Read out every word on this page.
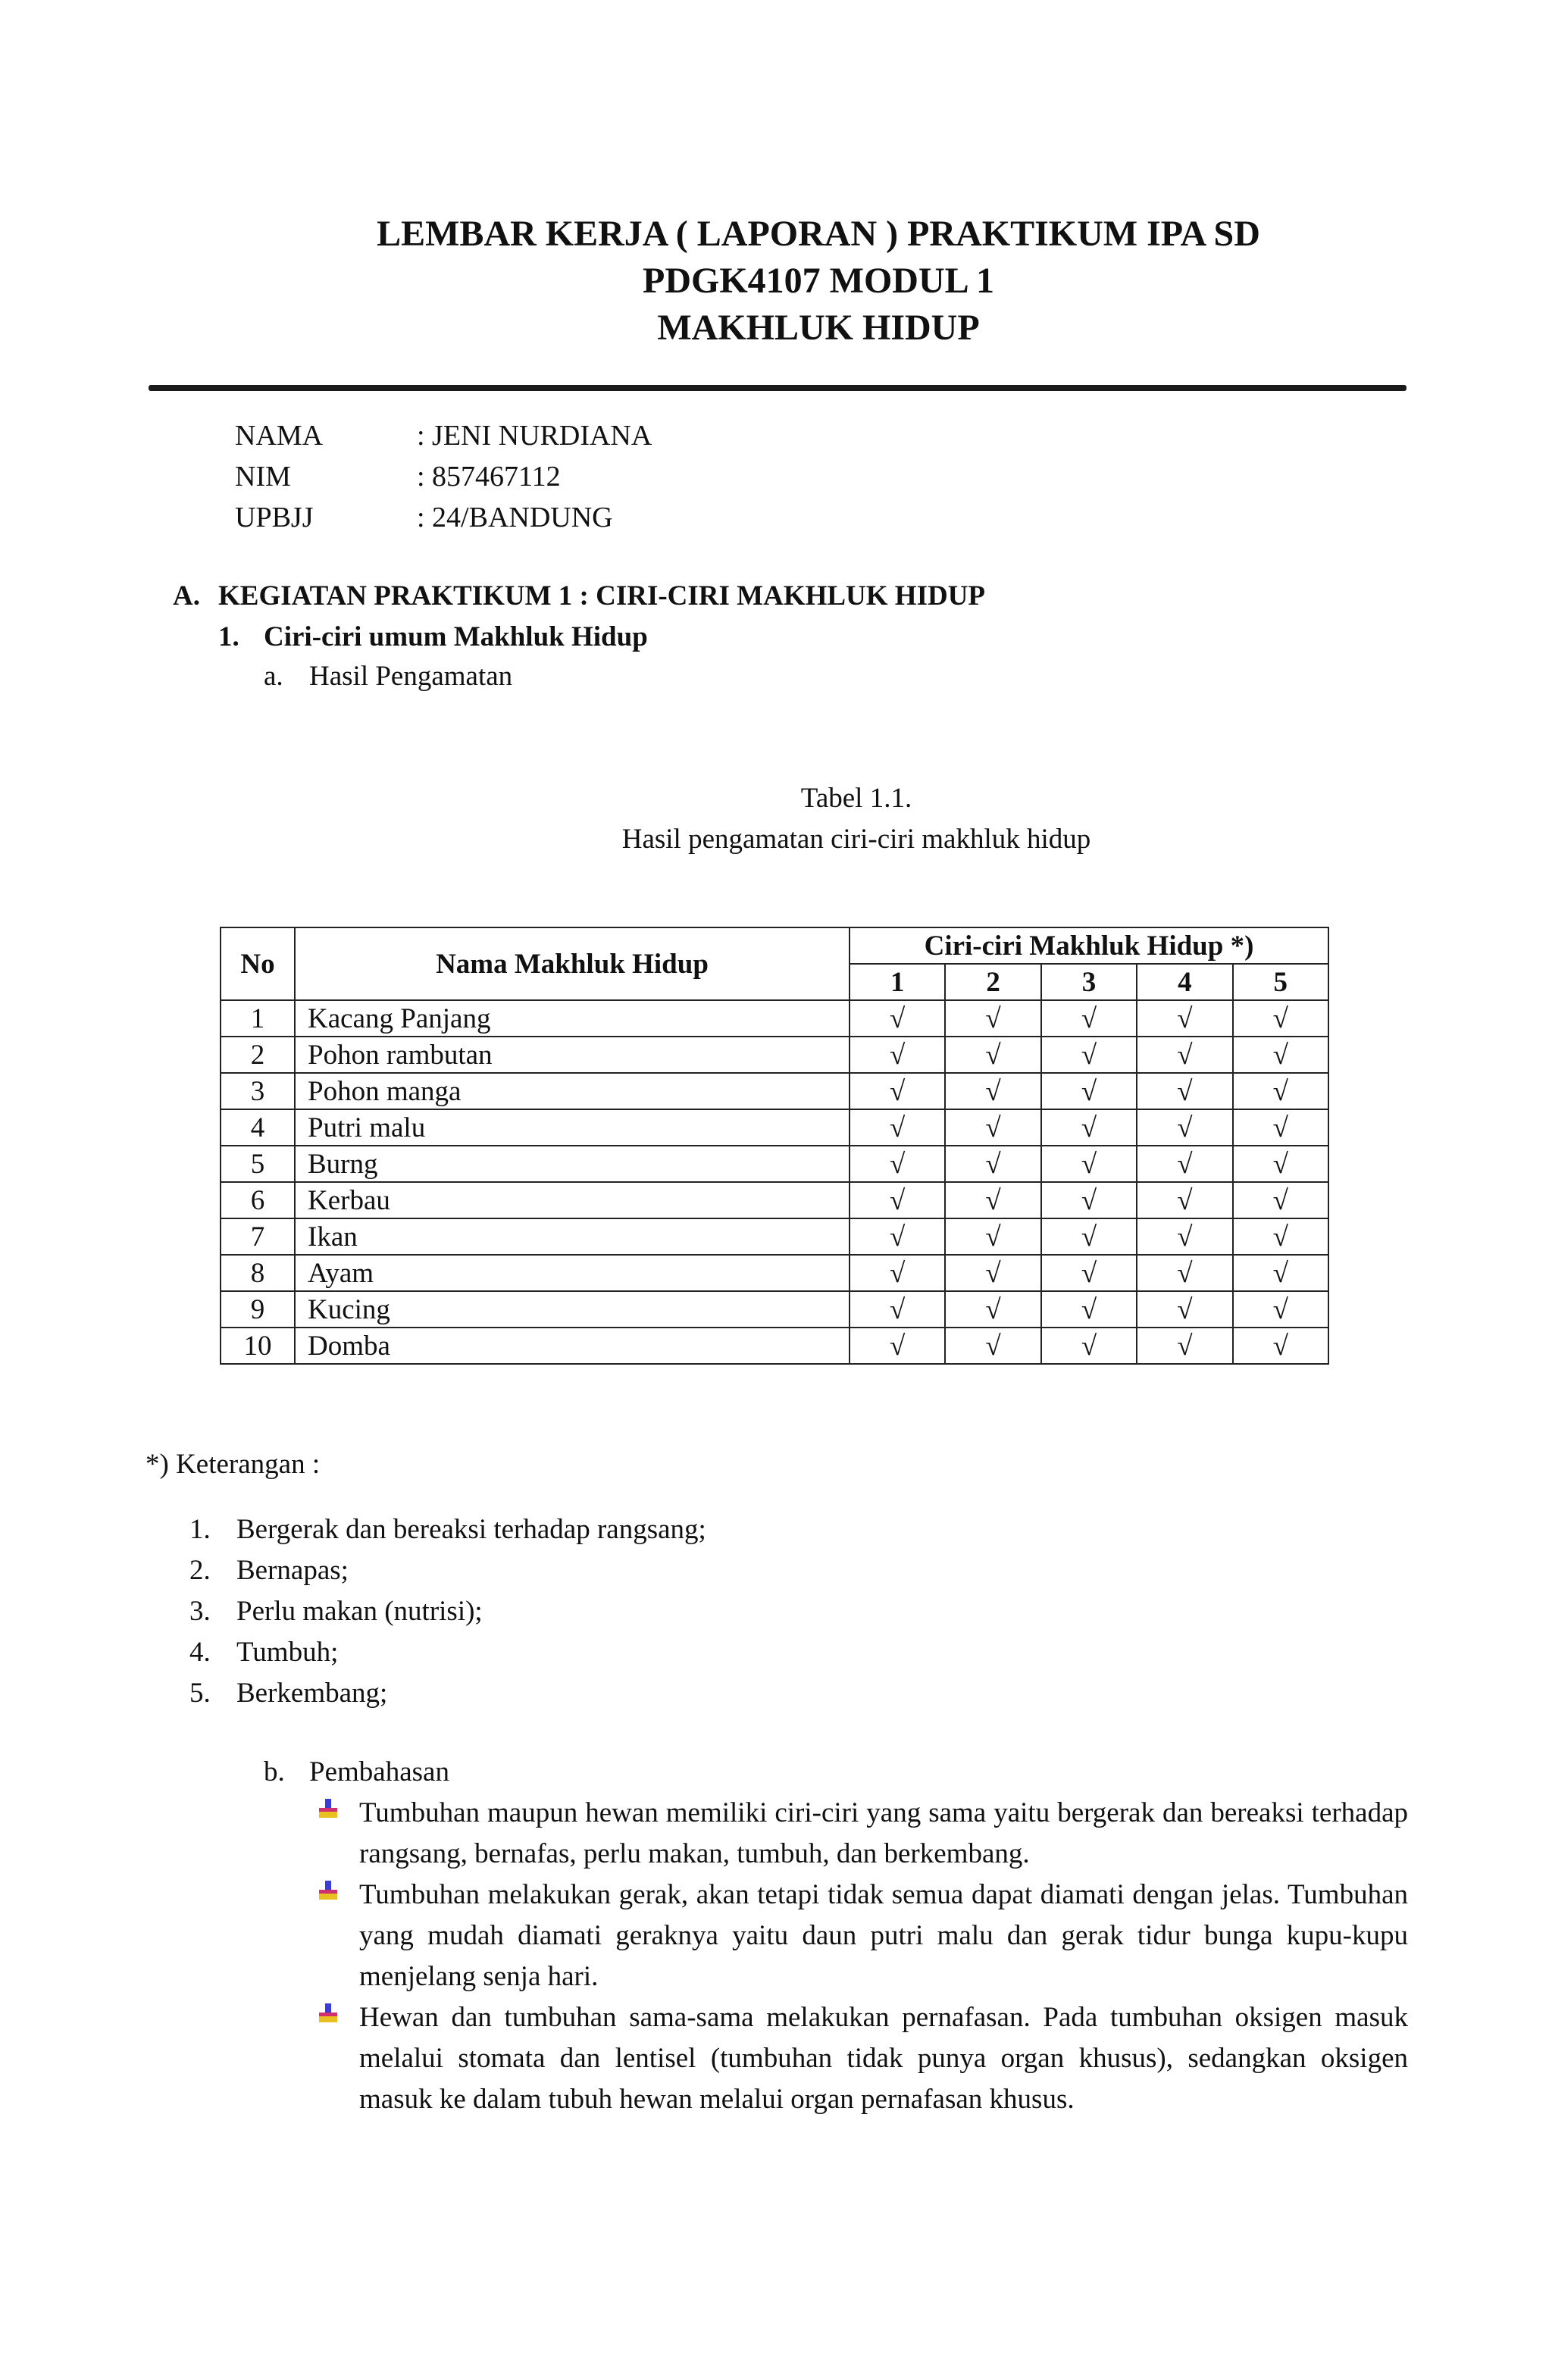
LEMBAR KERJA ( LAPORAN ) PRAKTIKUM IPA SD
PDGK4107 MODUL 1
MAKHLUK HIDUP
NAMA	: JENI NURDIANA
NIM	: 857467112
UPBJJ	: 24/BANDUNG
A. KEGIATAN PRAKTIKUM 1 : CIRI-CIRI MAKHLUK HIDUP
1. Ciri-ciri umum Makhluk Hidup
a. Hasil Pengamatan
Tabel 1.1.
Hasil pengamatan ciri-ciri makhluk hidup
No	Nama Makhluk Hidup	Ciri-ciri Makhluk Hidup *)				
		1	2	3	4	5
1	Kacang Panjang	√	√	√	√	√
2	Pohon rambutan	√	√	√	√	√
3	Pohon manga	√	√	√	√	√
4	Putri malu	√	√	√	√	√
5	Burng	√	√	√	√	√
6	Kerbau	√	√	√	√	√
7	Ikan	√	√	√	√	√
8	Ayam	√	√	√	√	√
9	Kucing	√	√	√	√	√
10	Domba	√	√	√	√	√
*) Keterangan :
1. Bergerak dan bereaksi terhadap rangsang;
2. Bernapas;
3. Perlu makan (nutrisi);
4. Tumbuh;
5. Berkembang;
b. Pembahasan
Tumbuhan maupun hewan memiliki ciri-ciri yang sama yaitu bergerak dan bereaksi terhadap rangsang, bernafas, perlu makan, tumbuh, dan berkembang.
Tumbuhan melakukan gerak, akan tetapi tidak semua dapat diamati dengan jelas. Tumbuhan yang mudah diamati geraknya yaitu daun putri malu dan gerak tidur bunga kupu-kupu menjelang senja hari.
Hewan dan tumbuhan sama-sama melakukan pernafasan. Pada tumbuhan oksigen masuk melalui stomata dan lentisel (tumbuhan tidak punya organ khusus), sedangkan oksigen masuk ke dalam tubuh hewan melalui organ pernafasan khusus.
